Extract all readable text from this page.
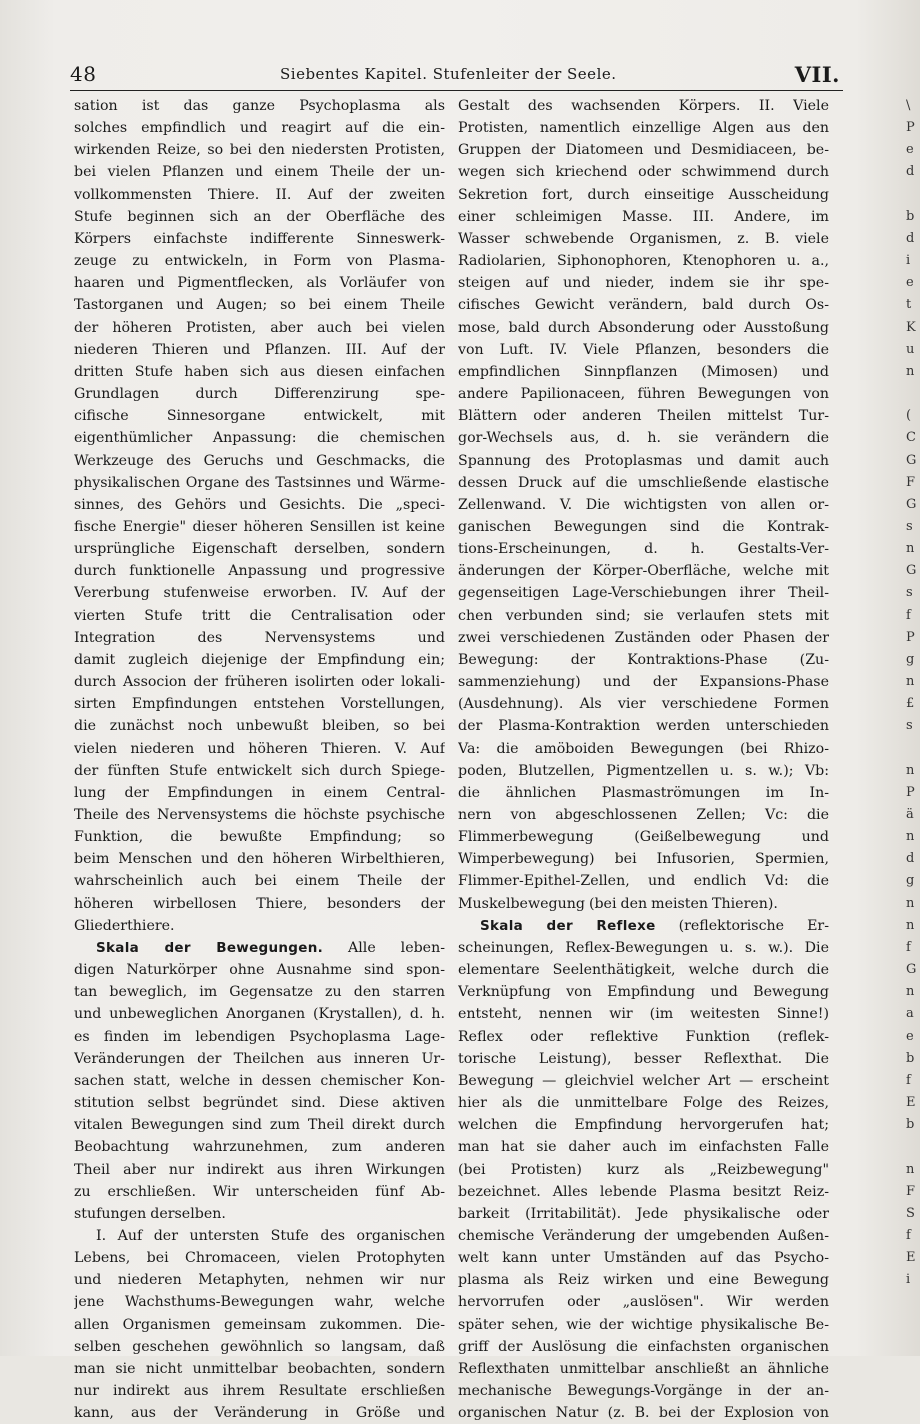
48	Siebentes Kapitel. Stufenleiter der Seele.	VII.
sation ist das ganze Psychoplasma als
solches empfindlich und reagirt auf die ein-
wirkenden Reize, so bei den niedersten Protisten,
bei vielen Pflanzen und einem Theile der un-
vollkommensten Thiere. II. Auf der zweiten
Stufe beginnen sich an der Oberfläche des
Körpers einfachste indifferente Sinneswerk-
zeuge zu entwickeln, in Form von Plasma-
haaren und Pigmentflecken, als Vorläufer von
Tastorganen und Augen; so bei einem Theile
der höheren Protisten, aber auch bei vielen
niederen Thieren und Pflanzen. III. Auf der
dritten Stufe haben sich aus diesen einfachen
Grundlagen durch Differenzirung spe-
cifische Sinnesorgane entwickelt, mit
eigenthümlicher Anpassung: die chemischen
Werkzeuge des Geruchs und Geschmacks, die
physikalischen Organe des Tastsinnes und Wärme-
sinnes, des Gehörs und Gesichts. Die „speci-
fische Energie" dieser höheren Sensillen ist keine
ursprüngliche Eigenschaft derselben, sondern
durch funktionelle Anpassung und progressive
Vererbung stufenweise erworben. IV. Auf der
vierten Stufe tritt die Centralisation oder
Integration des Nervensystems und
damit zugleich diejenige der Empfindung ein;
durch Associon der früheren isolirten oder lokali-
sirten Empfindungen entstehen Vorstellungen,
die zunächst noch unbewußt bleiben, so bei
vielen niederen und höheren Thieren. V. Auf
der fünften Stufe entwickelt sich durch Spiege-
lung der Empfindungen in einem Central-
Theile des Nervensystems die höchste psychische
Funktion, die bewußte Empfindung; so
beim Menschen und den höheren Wirbelthieren,
wahrscheinlich auch bei einem Theile der
höheren wirbellosen Thiere, besonders der
Gliederthiere.
Skala der Bewegungen. Alle leben-
digen Naturkörper ohne Ausnahme sind spon-
tan beweglich, im Gegensatze zu den starren
und unbeweglichen Anorganen (Krystallen), d. h.
es finden im lebendigen Psychoplasma Lage-
Veränderungen der Theilchen aus inneren Ur-
sachen statt, welche in dessen chemischer Kon-
stitution selbst begründet sind. Diese aktiven
vitalen Bewegungen sind zum Theil direkt durch
Beobachtung wahrzunehmen, zum anderen
Theil aber nur indirekt aus ihren Wirkungen
zu erschließen. Wir unterscheiden fünf Ab-
stufungen derselben.
I. Auf der untersten Stufe des organischen
Lebens, bei Chromaceen, vielen Protophyten
und niederen Metaphyten, nehmen wir nur
jene Wachsthums-Bewegungen wahr, welche
allen Organismen gemeinsam zukommen. Die-
selben geschehen gewöhnlich so langsam, daß
man sie nicht unmittelbar beobachten, sondern
nur indirekt aus ihrem Resultate erschließen
kann, aus der Veränderung in Größe und
Gestalt des wachsenden Körpers. II. Viele
Protisten, namentlich einzellige Algen aus den
Gruppen der Diatomeen und Desmidiaceen, be-
wegen sich kriechend oder schwimmend durch
Sekretion fort, durch einseitige Ausscheidung
einer schleimigen Masse. III. Andere, im
Wasser schwebende Organismen, z. B. viele
Radiolarien, Siphonophoren, Ktenophoren u. a.,
steigen auf und nieder, indem sie ihr spe-
cifisches Gewicht verändern, bald durch Os-
mose, bald durch Absonderung oder Ausstoßung
von Luft. IV. Viele Pflanzen, besonders die
empfindlichen Sinnpflanzen (Mimosen) und
andere Papilionaceen, führen Bewegungen von
Blättern oder anderen Theilen mittelst Tur-
gor-Wechsels aus, d. h. sie verändern die
Spannung des Protoplasmas und damit auch
dessen Druck auf die umschließende elastische
Zellenwand. V. Die wichtigsten von allen or-
ganischen Bewegungen sind die Kontrak-
tions-Erscheinungen, d. h. Gestalts-Ver-
änderungen der Körper-Oberfläche, welche mit
gegenseitigen Lage-Verschiebungen ihrer Theil-
chen verbunden sind; sie verlaufen stets mit
zwei verschiedenen Zuständen oder Phasen der
Bewegung: der Kontraktions-Phase (Zu-
sammenziehung) und der Expansions-Phase
(Ausdehnung). Als vier verschiedene Formen
der Plasma-Kontraktion werden unterschieden
Va: die amöboiden Bewegungen (bei Rhizo-
poden, Blutzellen, Pigmentzellen u. s. w.); Vb:
die ähnlichen Plasmaströmungen im In-
nern von abgeschlossenen Zellen; Vc: die
Flimmerbewegung (Geißelbewegung und
Wimperbewegung) bei Infusorien, Spermien,
Flimmer-Epithel-Zellen, und endlich Vd: die
Muskelbewegung (bei den meisten Thieren).
Skala der Reflexe (reflektorische Er-
scheinungen, Reflex-Bewegungen u. s. w.). Die
elementare Seelenthätigkeit, welche durch die
Verknüpfung von Empfindung und Bewegung
entsteht, nennen wir (im weitesten Sinne!)
Reflex oder reflektive Funktion (reflek-
torische Leistung), besser Reflexthat. Die
Bewegung — gleichviel welcher Art — erscheint
hier als die unmittelbare Folge des Reizes,
welchen die Empfindung hervorgerufen hat;
man hat sie daher auch im einfachsten Falle
(bei Protisten) kurz als „Reizbewegung"
bezeichnet. Alles lebende Plasma besitzt Reiz-
barkeit (Irritabilität). Jede physikalische oder
chemische Veränderung der umgebenden Außen-
welt kann unter Umständen auf das Psycho-
plasma als Reiz wirken und eine Bewegung
hervorrufen oder „auslösen". Wir werden
später sehen, wie der wichtige physikalische Be-
griff der Auslösung die einfachsten organischen
Reflexthaten unmittelbar anschließt an ähnliche
mechanische Bewegungs-Vorgänge in der an-
organischen Natur (z. B. bei der Explosion von
\
P
e
d
b
d
i
e
t
K
u
n
(
C
G
F
G
s
n
G
s
f
P
g
n
£
s
n
P
ä
n
d
g
n
n
f
G
n
a
e
b
f
E
b
n
F
S
f
E
i
